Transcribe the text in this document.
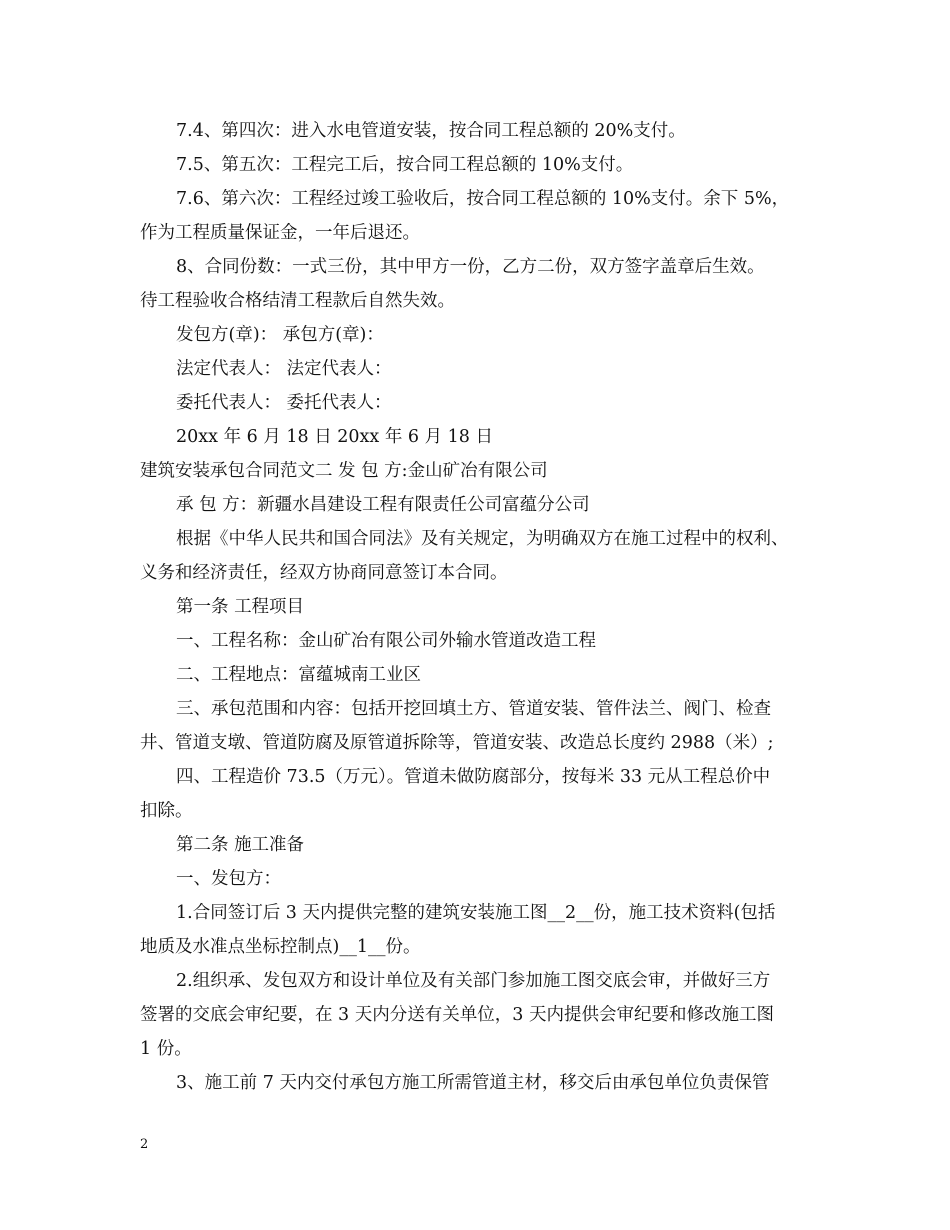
7.4、第四次：进入水电管道安装，按合同工程总额的 20%支付。
7.5、第五次：工程完工后，按合同工程总额的 10%支付。
7.6、第六次：工程经过竣工验收后，按合同工程总额的 10%支付。余下 5%，
作为工程质量保证金，一年后退还。
8、合同份数：一式三份，其中甲方一份，乙方二份，双方签字盖章后生效。
待工程验收合格结清工程款后自然失效。
发包方(章)： 承包方(章)：
法定代表人： 法定代表人：
委托代表人： 委托代表人：
20xx 年 6 月 18 日 20xx 年 6 月 18 日
建筑安装承包合同范文二 发 包 方:金山矿冶有限公司
承 包 方：新疆水昌建设工程有限责任公司富蕴分公司
根据《中华人民共和国合同法》及有关规定，为明确双方在施工过程中的权利、
义务和经济责任，经双方协商同意签订本合同。
第一条 工程项目
一、工程名称：金山矿冶有限公司外输水管道改造工程
二、工程地点：富蕴城南工业区
三、承包范围和内容：包括开挖回填土方、管道安装、管件法兰、阀门、检查
井、管道支墩、管道防腐及原管道拆除等，管道安装、改造总长度约 2988（米）;
四、工程造价 73.5（万元）。管道未做防腐部分，按每米 33 元从工程总价中
扣除。
第二条 施工准备
一、发包方：
1.合同签订后 3 天内提供完整的建筑安装施工图__2__份，施工技术资料(包括
地质及水准点坐标控制点)__1__份。
2.组织承、发包双方和设计单位及有关部门参加施工图交底会审，并做好三方
签署的交底会审纪要，在 3 天内分送有关单位，3 天内提供会审纪要和修改施工图
1 份。
3、施工前 7 天内交付承包方施工所需管道主材，移交后由承包单位负责保管
2
